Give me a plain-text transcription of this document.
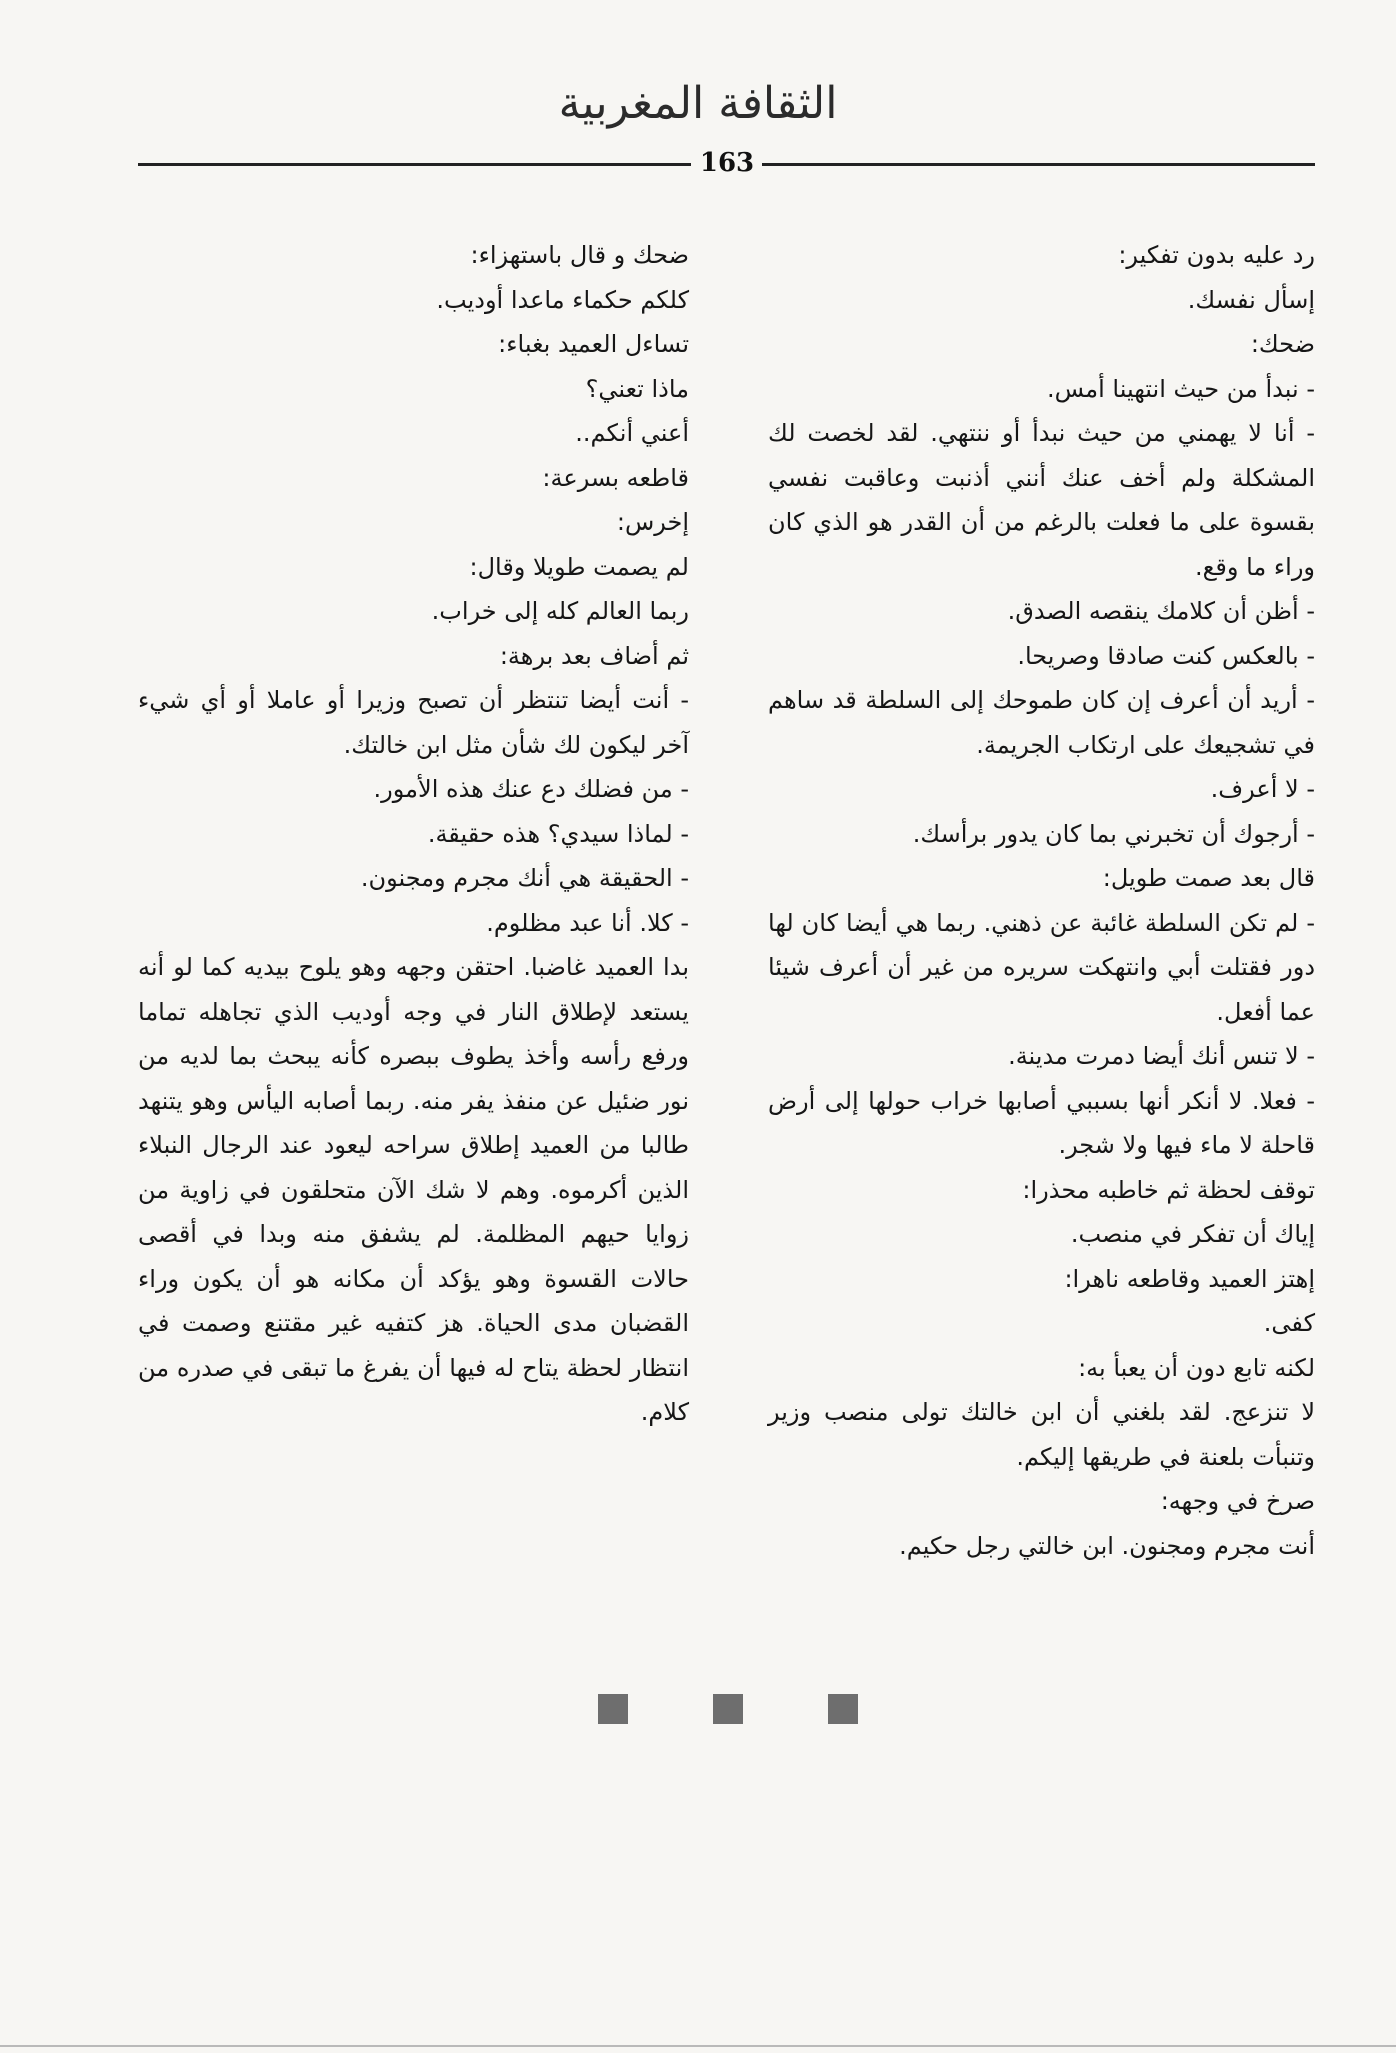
الثقافة المغربية
163

رد عليه بدون تفكير:

إسأل نفسك.

ضحك:

- نبدأ من حيث انتهينا أمس.

- أنا لا يهمني من حيث نبدأ أو ننتهي. لقد لخصت لك المشكلة ولم أخف عنك أنني أذنبت وعاقبت نفسي بقسوة على ما فعلت بالرغم من أن القدر هو الذي كان وراء ما وقع.

- أظن أن كلامك ينقصه الصدق.

- بالعكس كنت صادقا وصريحا.

- أريد أن أعرف إن كان طموحك إلى السلطة قد ساهم في تشجيعك على ارتكاب الجريمة.

- لا أعرف.

- أرجوك أن تخبرني بما كان يدور برأسك.

قال بعد صمت طويل:

- لم تكن السلطة غائبة عن ذهني. ربما هي أيضا كان لها دور فقتلت أبي وانتهكت سريره من غير أن أعرف شيئا عما أفعل.

- لا تنس أنك أيضا دمرت مدينة.

- فعلا. لا أنكر أنها بسببي أصابها خراب حولها إلى أرض قاحلة لا ماء فيها ولا شجر.

توقف لحظة ثم خاطبه محذرا:

إياك أن تفكر في منصب.

إهتز العميد وقاطعه ناهرا:

كفى.

لكنه تابع دون أن يعبأ به:

لا تنزعج. لقد بلغني أن ابن خالتك تولى منصب وزير وتنبأت بلعنة في طريقها إليكم.

صرخ في وجهه:

أنت مجرم ومجنون. ابن خالتي رجل حكيم.

ضحك و قال باستهزاء:

كلكم حكماء ماعدا أوديب.

تساءل العميد بغباء:

ماذا تعني؟

أعني أنكم..

قاطعه بسرعة:

إخرس:

لم يصمت طويلا وقال:

ربما العالم كله إلى خراب.

ثم أضاف بعد برهة:

- أنت أيضا تنتظر أن تصبح وزيرا أو عاملا أو أي شيء آخر ليكون لك شأن مثل ابن خالتك.

- من فضلك دع عنك هذه الأمور.

- لماذا سيدي؟ هذه حقيقة.

- الحقيقة هي أنك مجرم ومجنون.

- كلا. أنا عبد مظلوم.

بدا العميد غاضبا. احتقن وجهه وهو يلوح بيديه كما لو أنه يستعد لإطلاق النار في وجه أوديب الذي تجاهله تماما ورفع رأسه وأخذ يطوف ببصره كأنه يبحث بما لديه من نور ضئيل عن منفذ يفر منه. ربما أصابه اليأس وهو يتنهد طالبا من العميد إطلاق سراحه ليعود عند الرجال النبلاء الذين أكرموه. وهم لا شك الآن متحلقون في زاوية من زوايا حيهم المظلمة. لم يشفق منه وبدا في أقصى حالات القسوة وهو يؤكد أن مكانه هو أن يكون وراء القضبان مدى الحياة. هز كتفيه غير مقتنع وصمت في انتظار لحظة يتاح له فيها أن يفرغ ما تبقى في صدره من كلام.
